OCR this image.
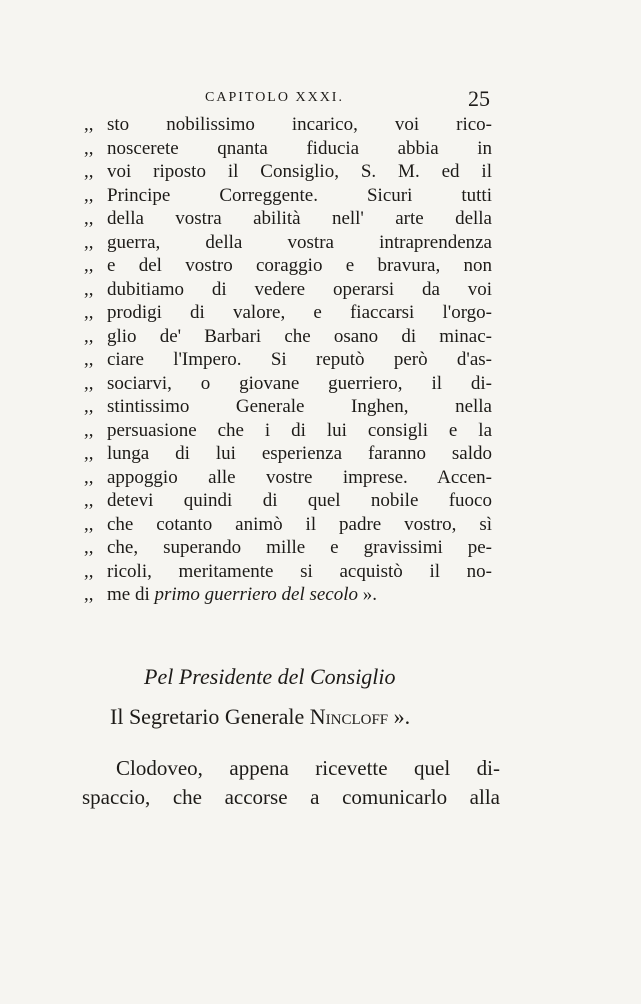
CAPITOLO XXXI.	25
,, sto nobilissimo incarico, voi rico-
,, noscerete qnanta fiducia abbia in
,, voi riposto il Consiglio, S. M. ed il
,, Principe Correggente. Sicuri tutti
,, della vostra abilità nell' arte della
,, guerra, della vostra intraprendenza
,, e del vostro coraggio e bravura, non
,, dubitiamo di vedere operarsi da voi
,, prodigi di valore, e fiaccarsi l'orgo-
,, glio de' Barbari che osano di minac-
,, ciare l'Impero. Si reputò però d'as-
,, sociarvi, o giovane guerriero, il di-
,, stintissimo Generale Inghen, nella
,, persuasione che i di lui consigli e la
,, lunga di lui esperienza faranno saldo
,, appoggio alle vostre imprese. Accen-
,, detevi quindi di quel nobile fuoco
,, che cotanto animò il padre vostro, sì
,, che, superando mille e gravissimi pe-
,, ricoli, meritamente si acquistò il no-
,, me di primo guerriero del secolo ».
Pel Presidente del Consiglio
Il Segretario Generale Nincloff ».
Clodoveo, appena ricevette quel di-
spaccio, che accorse a comunicarlo alla
